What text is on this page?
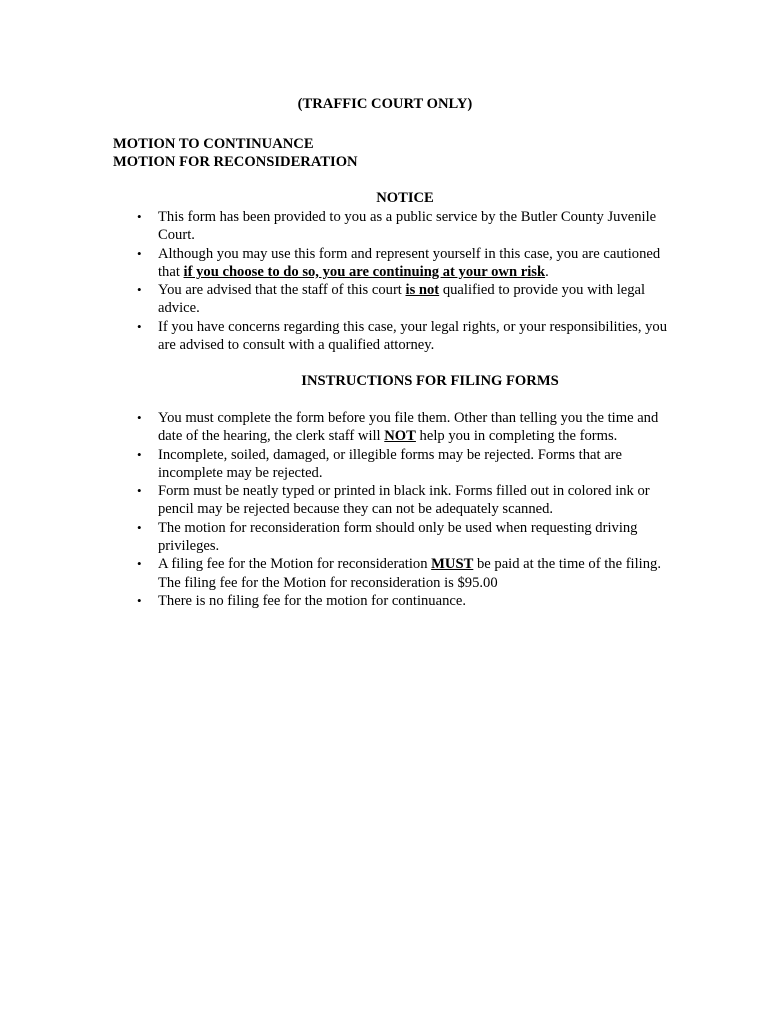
(TRAFFIC COURT ONLY)
MOTION TO CONTINUANCE
MOTION FOR RECONSIDERATION
NOTICE
• This form has been provided to you as a public service by the Butler County Juvenile Court.
• Although you may use this form and represent yourself in this case, you are cautioned that if you choose to do so, you are continuing at your own risk.
• You are advised that the staff of this court is not qualified to provide you with legal advice.
• If you have concerns regarding this case, your legal rights, or your responsibilities, you are advised to consult with a qualified attorney.
INSTRUCTIONS FOR FILING FORMS
• You must complete the form before you file them. Other than telling you the time and date of the hearing, the clerk staff will NOT help you in completing the forms.
• Incomplete, soiled, damaged, or illegible forms may be rejected. Forms that are incomplete may be rejected.
• Form must be neatly typed or printed in black ink. Forms filled out in colored ink or pencil may be rejected because they can not be adequately scanned.
• The motion for reconsideration form should only be used when requesting driving privileges.
• A filing fee for the Motion for reconsideration MUST be paid at the time of the filing. The filing fee for the Motion for reconsideration is $95.00
• There is no filing fee for the motion for continuance.
